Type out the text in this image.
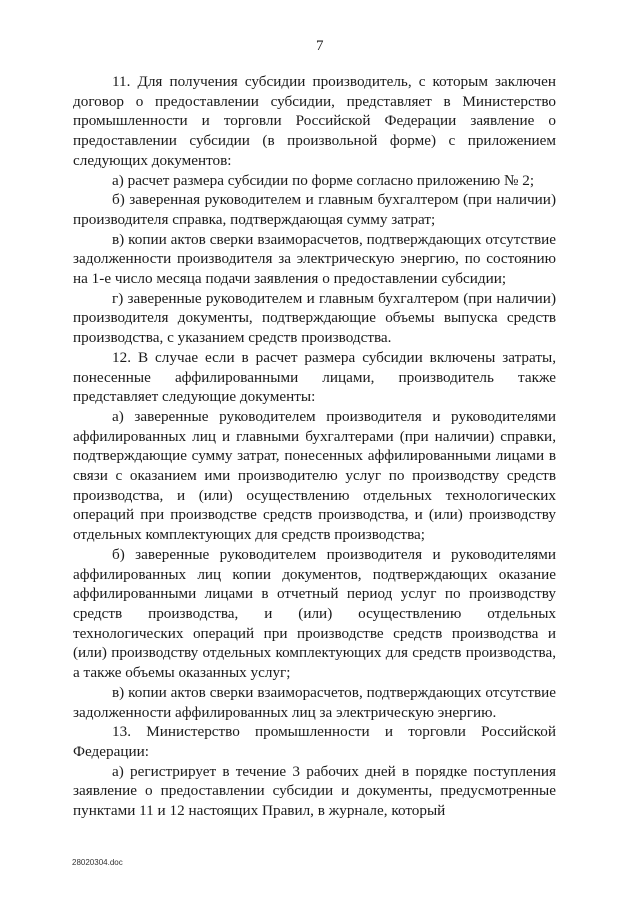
7

11. Для получения субсидии производитель, с которым заключен договор о предоставлении субсидии, представляет в Министерство промышленности и торговли Российской Федерации заявление о предоставлении субсидии (в произвольной форме) с приложением следующих документов:

а) расчет размера субсидии по форме согласно приложению № 2;

б) заверенная руководителем и главным бухгалтером (при наличии) производителя справка, подтверждающая сумму затрат;

в) копии актов сверки взаиморасчетов, подтверждающих отсутствие задолженности производителя за электрическую энергию, по состоянию на 1-е число месяца подачи заявления о предоставлении субсидии;

г) заверенные руководителем и главным бухгалтером (при наличии) производителя документы, подтверждающие объемы выпуска средств производства, с указанием средств производства.

12. В случае если в расчет размера субсидии включены затраты, понесенные аффилированными лицами, производитель также представляет следующие документы:

а) заверенные руководителем производителя и руководителями аффилированных лиц и главными бухгалтерами (при наличии) справки, подтверждающие сумму затрат, понесенных аффилированными лицами в связи с оказанием ими производителю услуг по производству средств производства, и (или) осуществлению отдельных технологических операций при производстве средств производства, и (или) производству отдельных комплектующих для средств производства;

б) заверенные руководителем производителя и руководителями аффилированных лиц копии документов, подтверждающих оказание аффилированными лицами в отчетный период услуг по производству средств производства, и (или) осуществлению отдельных технологических операций при производстве средств производства и (или) производству отдельных комплектующих для средств производства, а также объемы оказанных услуг;

в) копии актов сверки взаиморасчетов, подтверждающих отсутствие задолженности аффилированных лиц за электрическую энергию.

13. Министерство промышленности и торговли Российской Федерации:

а) регистрирует в течение 3 рабочих дней в порядке поступления заявление о предоставлении субсидии и документы, предусмотренные пунктами 11 и 12 настоящих Правил, в журнале, который

28020304.doc
